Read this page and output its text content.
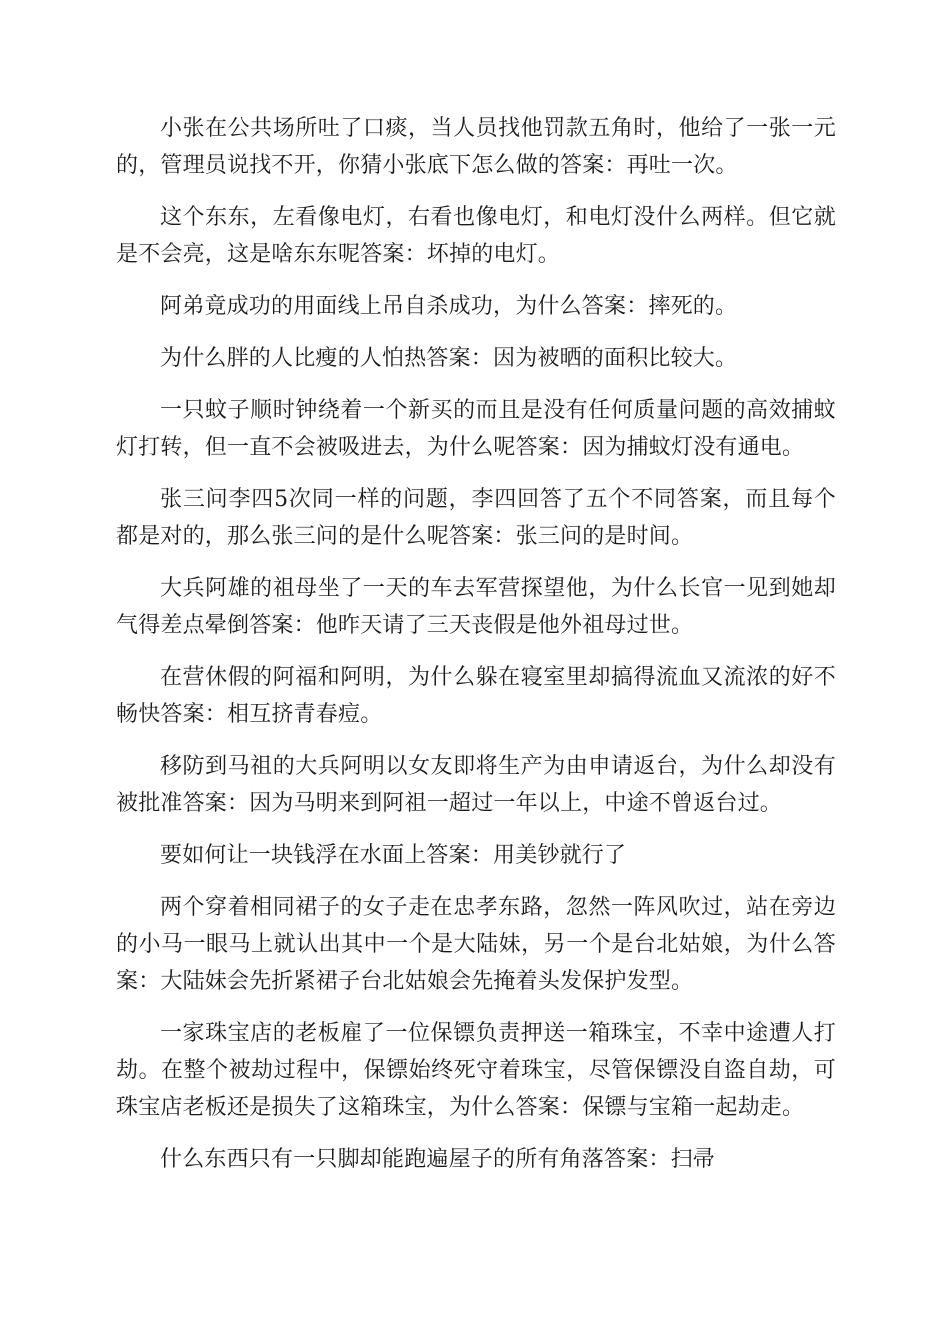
小张在公共场所吐了口痰，当人员找他罚款五角时，他给了一张一元的，管理员说找不开，你猜小张底下怎么做的答案：再吐一次。

这个东东，左看像电灯，右看也像电灯，和电灯没什么两样。但它就是不会亮，这是啥东东呢答案：坏掉的电灯。

阿弟竟成功的用面线上吊自杀成功，为什么答案：摔死的。

为什么胖的人比瘦的人怕热答案：因为被晒的面积比较大。

一只蚊子顺时钟绕着一个新买的而且是没有任何质量问题的高效捕蚊灯打转，但一直不会被吸进去，为什么呢答案：因为捕蚊灯没有通电。

张三问李四5次同一样的问题，李四回答了五个不同答案，而且每个都是对的，那么张三问的是什么呢答案：张三问的是时间。

大兵阿雄的祖母坐了一天的车去军营探望他，为什么长官一见到她却气得差点晕倒答案：他昨天请了三天丧假是他外祖母过世。

在营休假的阿福和阿明，为什么躲在寝室里却搞得流血又流浓的好不畅快答案：相互挤青春痘。

移防到马祖的大兵阿明以女友即将生产为由申请返台，为什么却没有被批准答案：因为马明来到阿祖一超过一年以上，中途不曾返台过。

要如何让一块钱浮在水面上答案：用美钞就行了

两个穿着相同裙子的女子走在忠孝东路，忽然一阵风吹过，站在旁边的小马一眼马上就认出其中一个是大陆妹，另一个是台北姑娘，为什么答案：大陆妹会先折紧裙子台北姑娘会先掩着头发保护发型。

一家珠宝店的老板雇了一位保镖负责押送一箱珠宝，不幸中途遭人打劫。在整个被劫过程中，保镖始终死守着珠宝，尽管保镖没自盗自劫，可珠宝店老板还是损失了这箱珠宝，为什么答案：保镖与宝箱一起劫走。

什么东西只有一只脚却能跑遍屋子的所有角落答案：扫帚
